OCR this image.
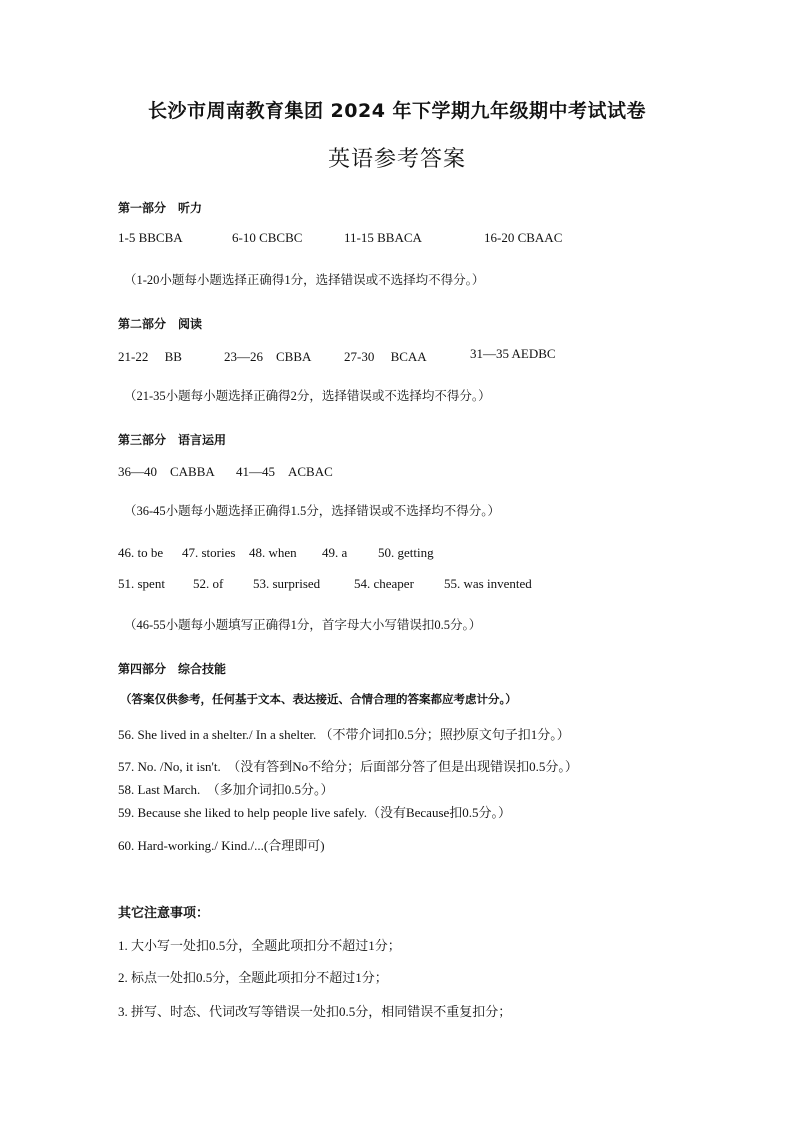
长沙市周南教育集团 2024 年下学期九年级期中考试试卷
英语参考答案
第一部分　听力
1-5 BBCBA	6-10 CBCBC	11-15 BBACA	16-20 CBAAC
（1-20小题每小题选择正确得1分，选择错误或不选择均不得分。）
第二部分　阅读
21-22　 BB	23—26　CBBA	27-30　 BCAA	31—35 AEDBC
（21-35小题每小题选择正确得2分，选择错误或不选择均不得分。）
第三部分　语言运用
36—40　CABBA 41—45　ACBAC
（36-45小题每小题选择正确得1.5分，选择错误或不选择均不得分。）
46. to be 47. stories 48. when 49. a 50. getting
51. spent 52. of 53. surprised	54. cheaper 55. was invented
（46-55小题每小题填写正确得1分，首字母大小写错误扣0.5分。）
第四部分　综合技能
（答案仅供参考，任何基于文本、表达接近、合情合理的答案都应考虑计分。）
56. She lived in a shelter./ In a shelter. （不带介词扣0.5分；照抄原文句子扣1分。）
57. No. /No, it isn't.　（没有答到No不给分；后面部分答了但是出现错误扣0.5分。）
58. Last March.　（多加介词扣0.5分。）
59. Because she liked to help people live safely.（没有Because扣0.5分。）
60. Hard-working./ Kind./...(合理即可)
其它注意事项：
1. 大小写一处扣0.5分，全题此项扣分不超过1分；
2. 标点一处扣0.5分，全题此项扣分不超过1分；
3. 拼写、时态、代词改写等错误一处扣0.5分，相同错误不重复扣分；
